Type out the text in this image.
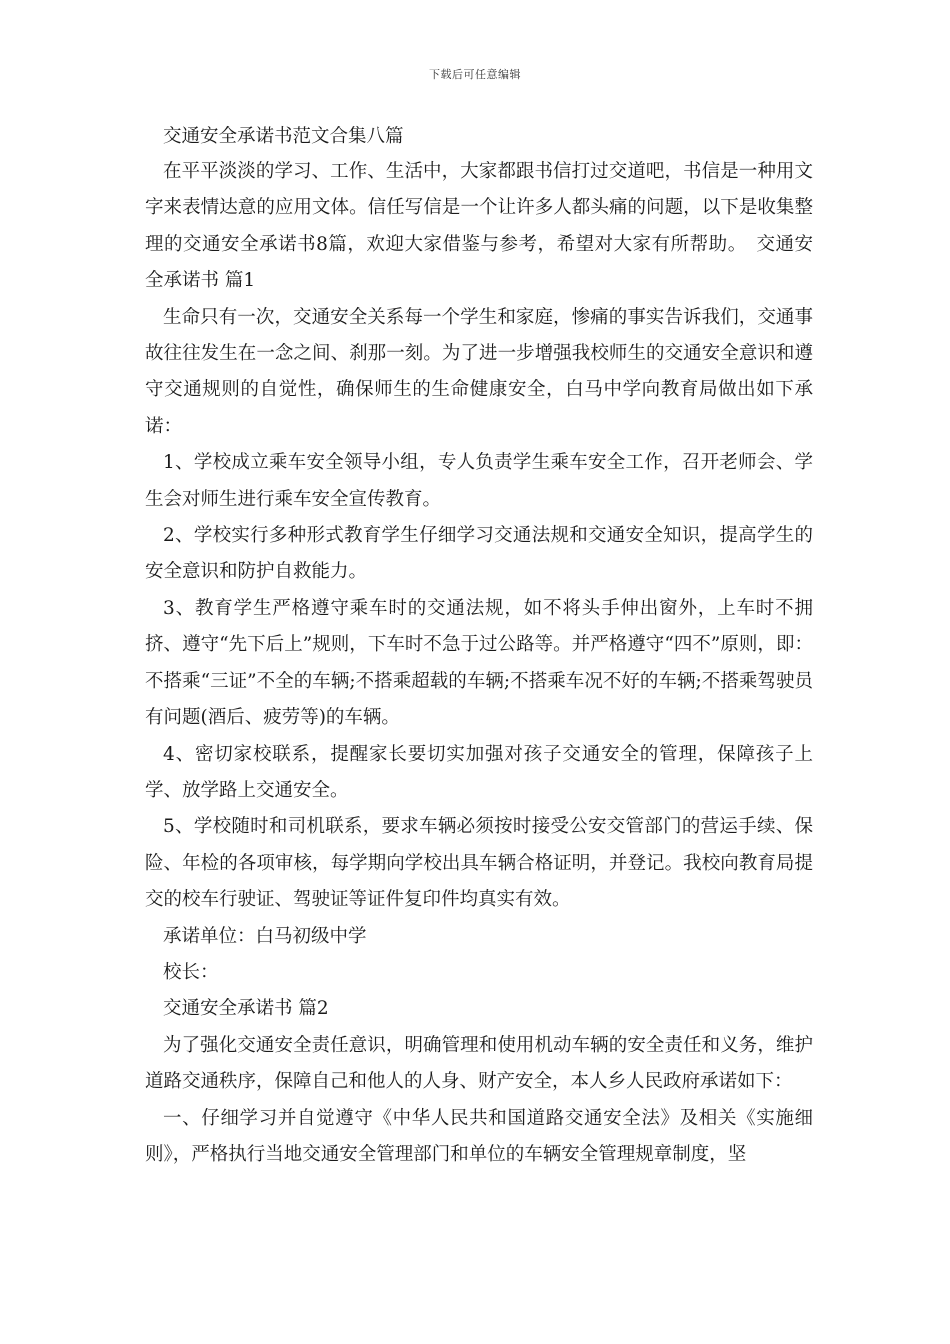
下载后可任意编辑

交通安全承诺书范文合集八篇

在平平淡淡的学习、工作、生活中，大家都跟书信打过交道吧，书信是一种用文字来表情达意的应用文体。信任写信是一个让许多人都头痛的问题，以下是收集整理的交通安全承诺书8篇，欢迎大家借鉴与参考，希望对大家有所帮助。　交通安全承诺书 篇1

生命只有一次，交通安全关系每一个学生和家庭，惨痛的事实告诉我们，交通事故往往发生在一念之间、刹那一刻。为了进一步增强我校师生的交通安全意识和遵守交通规则的自觉性，确保师生的生命健康安全，白马中学向教育局做出如下承诺：

1、学校成立乘车安全领导小组，专人负责学生乘车安全工作，召开老师会、学生会对师生进行乘车安全宣传教育。

2、学校实行多种形式教育学生仔细学习交通法规和交通安全知识，提高学生的安全意识和防护自救能力。

3、教育学生严格遵守乘车时的交通法规，如不将头手伸出窗外，上车时不拥挤、遵守“先下后上”规则，下车时不急于过公路等。并严格遵守“四不”原则，即：不搭乘“三证”不全的车辆;不搭乘超载的车辆;不搭乘车况不好的车辆;不搭乘驾驶员有问题(酒后、疲劳等)的车辆。

4、密切家校联系，提醒家长要切实加强对孩子交通安全的管理，保障孩子上学、放学路上交通安全。

5、学校随时和司机联系，要求车辆必须按时接受公安交管部门的营运手续、保险、年检的各项审核，每学期向学校出具车辆合格证明，并登记。我校向教育局提交的校车行驶证、驾驶证等证件复印件均真实有效。

承诺单位：白马初级中学

校长：

交通安全承诺书 篇2

为了强化交通安全责任意识，明确管理和使用机动车辆的安全责任和义务，维护道路交通秩序，保障自己和他人的人身、财产安全，本人乡人民政府承诺如下：

一、仔细学习并自觉遵守《中华人民共和国道路交通安全法》及相关《实施细则》，严格执行当地交通安全管理部门和单位的车辆安全管理规章制度，坚
